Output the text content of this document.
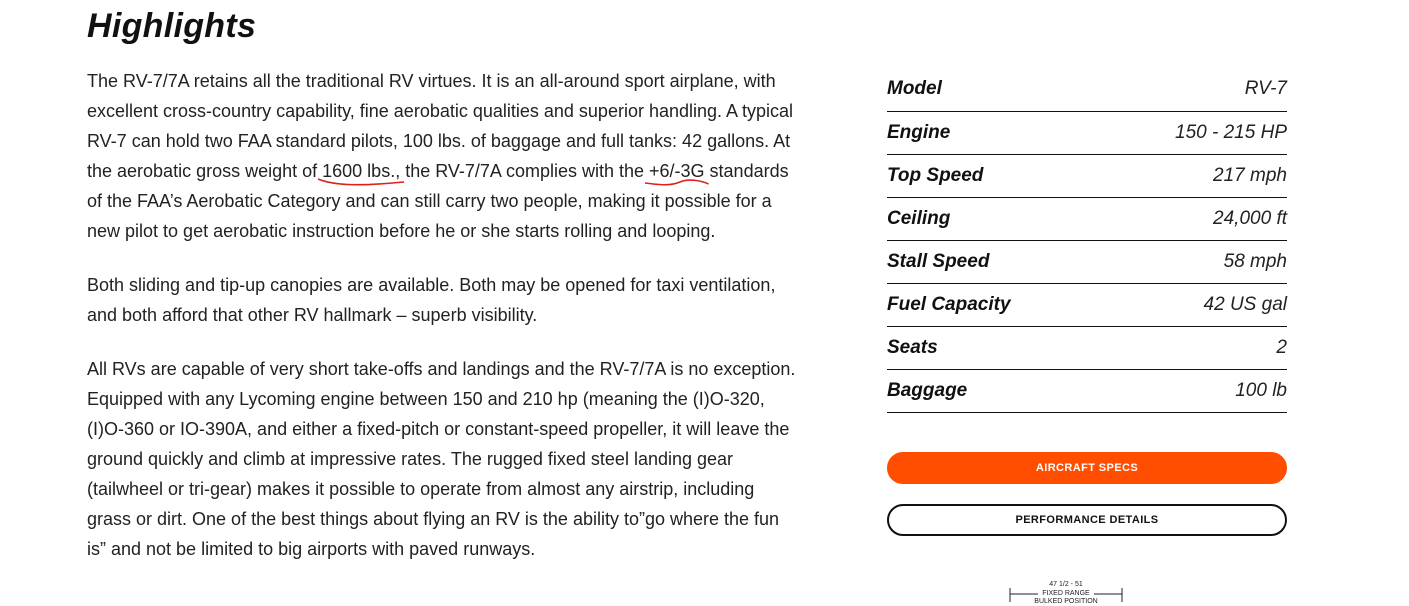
Highlights

The RV-7/7A retains all the traditional RV virtues. It is an all-around sport airplane, with excellent cross-country capability, fine aerobatic qualities and superior handling. A typical RV-7 can hold two FAA standard pilots, 100 lbs. of baggage and full tanks: 42 gallons. At the aerobatic gross weight of 1600 lbs.,
the RV-7/7A complies with the +6/-3G
standards of the FAA’s Aerobatic Category and can still carry two people, making it possible for a new pilot to get aerobatic instruction before he or she starts rolling and looping.

Both sliding and tip-up canopies are available. Both may be opened for taxi ventilation, and both afford that other RV hallmark – superb visibility.

All RVs are capable of very short take-offs and landings and the RV-7/7A is no exception. Equipped with any Lycoming engine between 150 and 210 hp (meaning the (I)O-320, (I)O-360 or IO-390A, and either a fixed-pitch or constant-speed propeller, it will leave the ground quickly and climb at impressive rates. The rugged fixed steel landing gear (tailwheel or tri-gear) makes it possible to operate from almost any airstrip, including grass or dirt. One of the best things about flying an RV is the ability to”go where the fun is” and not be limited to big airports with paved runways.

Model	RV-7
Engine	150 - 215 HP
Top Speed	217 mph
Ceiling	24,000 ft
Stall Speed	58 mph
Fuel Capacity	42 US gal
Seats	2
Baggage	100 lb
AIRCRAFT SPECS
PERFORMANCE DETAILS
47 1/2 - 51
FIXED RANGE
BULKED POSITION
